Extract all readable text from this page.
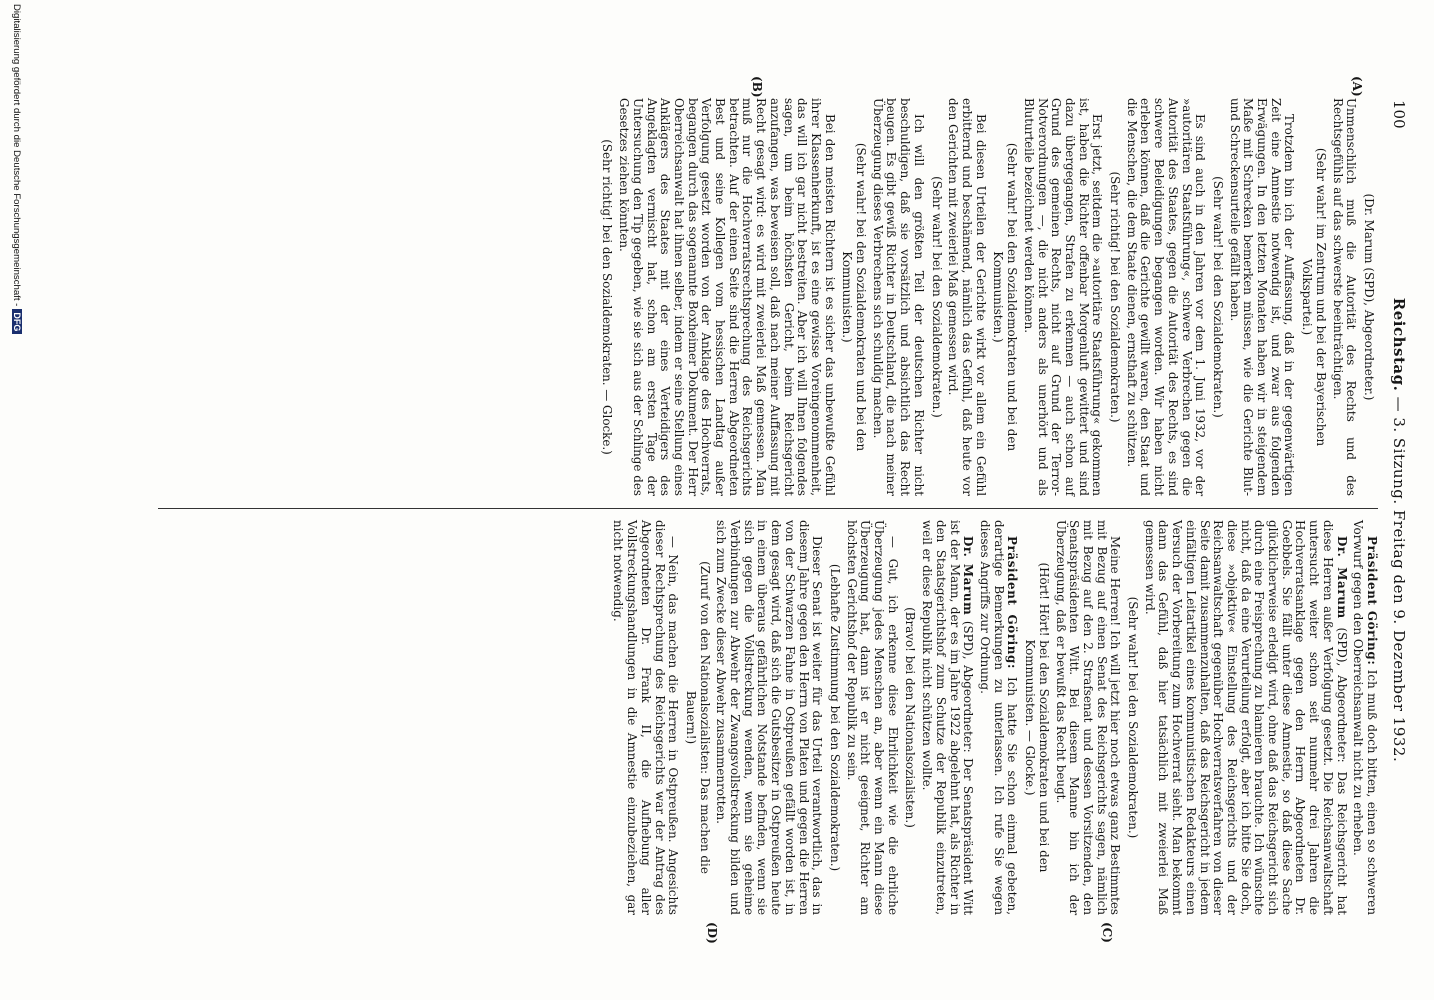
100
Reichstag. — 3. Sitzung. Freitag den 9. Dezember 1932.
(A)
(B)
(C)
(D)

(Dr. Marum (SPD), Abgeordneter.)

Unmenschlich muß die Autorität des Rechts und des Rechtsgefühls auf das schwerste beeinträchtigen.

(Sehr wahr! im Zentrum und bei der Bayerischen Volkspartei.)

Trotzdem bin ich der Auffassung, daß in der gegenwärtigen Zeit eine Amnestie notwendig ist, und zwar aus folgenden Erwägungen. In den letzten Monaten haben wir in steigendem Maße mit Schrecken bemerken müssen, wie die Gerichte Blut- und Schreckensurteile gefällt haben.

(Sehr wahr! bei den Sozialdemokraten.)

Es sind auch in den Jahren vor dem 1. Juni 1932, vor der »autoritären Staatsführung«, schwere Verbrechen gegen die Autorität des Staates, gegen die Autorität des Rechts, es sind schwere Beleidigungen begangen worden. Wir haben nicht erleben können, daß die Gerichte gewillt waren, den Staat und die Menschen, die dem Staate dienen, ernsthaft zu schützen.

(Sehr richtig! bei den Sozialdemokraten.)

Erst jetzt, seitdem die »autoritäre Staatsführung« gekommen ist, haben die Richter offenbar Morgenluft gewittert und sind dazu übergegangen, Strafen zu erkennen — auch schon auf Grund des gemeinen Rechts, nicht auf Grund der Terror-Notverordnungen —, die nicht anders als unerhört und als Bluturteile bezeichnet werden können.

(Sehr wahr! bei den Sozialdemokraten und bei den Kommunisten.)

Bei diesen Urteilen der Gerichte wirkt vor allem ein Gefühl erbitternd und beschämend, nämlich das Gefühl, daß heute vor den Gerichten mit zweierlei Maß gemessen wird.

(Sehr wahr! bei den Sozialdemokraten.)

Ich will den größten Teil der deutschen Richter nicht beschuldigen, daß sie vorsätzlich und absichtlich das Recht beugen. Es gibt gewiß Richter in Deutschland, die nach meiner Überzeugung dieses Verbrechens sich schuldig machen.

(Sehr wahr! bei den Sozialdemokraten und bei den Kommunisten.)

Bei den meisten Richtern ist es sicher das unbewußte Gefühl ihrer Klassenherkunft, ist es eine gewisse Voreingenommenheit, das will ich gar nicht bestreiten. Aber ich will Ihnen folgendes sagen, um beim höchsten Gericht, beim Reichsgericht anzufangen, was beweisen soll, daß nach meiner Auffassung mit Recht gesagt wird: es wird mit zweierlei Maß gemessen. Man muß nur die Hochverratsrechtsprechung des Reichsgerichts betrachten. Auf der einen Seite sind die Herren Abgeordneten Best und seine Kollegen vom hessischen Landtag außer Verfolgung gesetzt worden von der Anklage des Hochverrats, begangen durch das sogenannte Boxheimer Dokument. Der Herr Oberreichsanwalt hat ihnen selber, indem er seine Stellung eines Anklägers des Staates mit der eines Verteidigers des Angeklagten vermischt hat, schon am ersten Tage der Untersuchung den Tip gegeben, wie sie sich aus der Schlinge des Gesetzes ziehen könnten.

(Sehr richtig! bei den Sozialdemokraten. — Glocke.)

Präsident Göring: Ich muß doch bitten, einen so schweren Vorwurf gegen den Oberreichsanwalt nicht zu erheben.

Dr. Marum (SPD), Abgeordneter: Das Reichsgericht hat diese Herren außer Verfolgung gesetzt. Die Reichsanwaltschaft untersucht weiter schon seit nunmehr drei Jahren die Hochverratsanklage gegen den Herrn Abgeordneten Dr. Goebbels. Sie fällt unter diese Amnestie, so daß diese Sache glücklicherweise erledigt wird, ohne daß das Reichsgericht sich durch eine Freisprechung zu blamieren brauchte. Ich wünschte nicht, daß da eine Verurteilung erfolgt, aber ich bitte Sie doch, diese »objektive« Einstellung des Reichsgerichts und der Reichsanwaltschaft gegenüber Hochverratsverfahren von dieser Seite damit zusammenzuhalten, daß das Reichsgericht in jedem einfältigen Leitartikel eines kommunistischen Redakteurs einen Versuch der Vorbereitung zum Hochverrat sieht. Man bekommt dann das Gefühl, daß hier tatsächlich mit zweierlei Maß gemessen wird.

(Sehr wahr! bei den Sozialdemokraten.)

Meine Herren! Ich will jetzt hier noch etwas ganz Bestimmtes mit Bezug auf einen Senat des Reichsgerichts sagen, nämlich mit Bezug auf den 2. Strafsenat und dessen Vorsitzenden, den Senatspräsidenten Witt. Bei diesem Manne bin ich der Überzeugung, daß er bewußt das Recht beugt.

(Hört! Hört! bei den Sozialdemokraten und bei den Kommunisten. — Glocke.)

Präsident Göring: Ich hatte Sie schon einmal gebeten, derartige Bemerkungen zu unterlassen. Ich rufe Sie wegen dieses Angriffs zur Ordnung.

Dr. Marum (SPD), Abgeordneter: Der Senatspräsident Witt ist der Mann, der es im Jahre 1922 abgelehnt hat, als Richter in den Staatsgerichtshof zum Schutze der Republik einzutreten, weil er diese Republik nicht schützen wollte.

(Bravo! bei den Nationalsozialisten.)

— Gut, ich erkenne diese Ehrlichkeit wie die ehrliche Überzeugung jedes Menschen an, aber wenn ein Mann diese Überzeugung hat, dann ist er nicht geeignet, Richter am höchsten Gerichtshof der Republik zu sein.

(Lebhafte Zustimmung bei den Sozialdemokraten.)

Dieser Senat ist weiter für das Urteil verantwortlich, das in diesem Jahre gegen den Herrn von Platen und gegen die Herren von der Schwarzen Fahne in Ostpreußen gefällt worden ist, in dem gesagt wird, daß sich die Gutsbesitzer in Ostpreußen heute in einem überaus gefährlichen Notstande befinden, wenn sie sich gegen die Vollstreckung wenden, wenn sie geheime Verbindungen zur Abwehr der Zwangsvollstreckung bilden und sich zum Zwecke dieser Abwehr zusammenrotten.

(Zuruf von den Nationalsozialisten: Das machen die Bauern!)

— Nein, das machen die Herren in Ostpreußen. Angesichts dieser Rechtsprechung des Reichsgerichts war der Antrag des Abgeordneten Dr. Frank II, die Aufhebung aller Vollstreckungshandlungen in die Amnestie einzubeziehen, gar nicht notwendig.

Digitalisierung gefördert durch die Deutsche Forschungsgemeinschaft -DFG
